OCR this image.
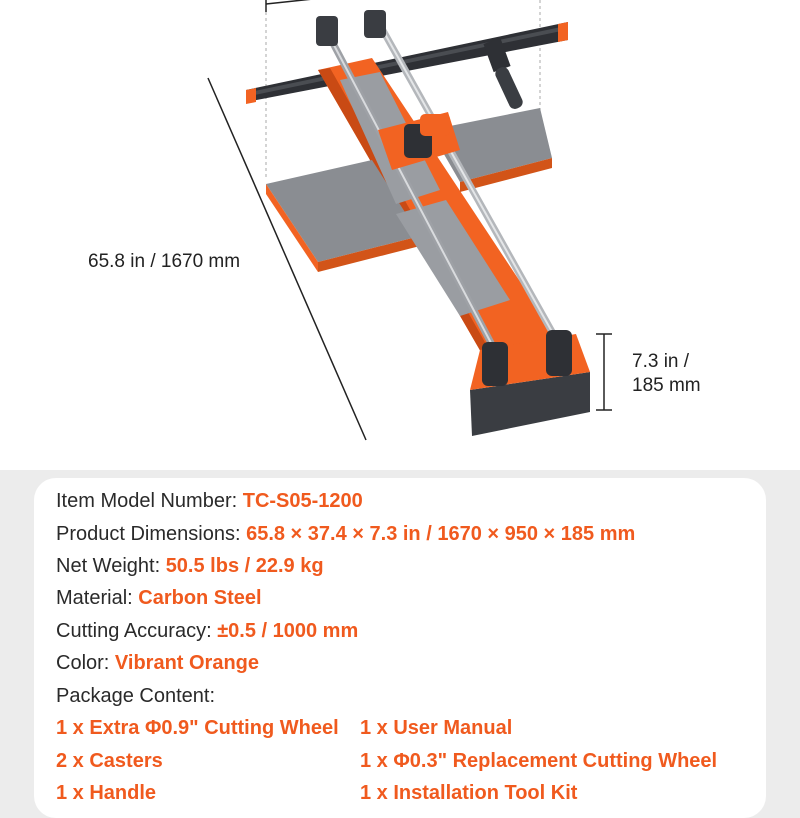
65.8 in / 1670 mm
7.3 in /
185 mm
Item Model Number: TC-S05-1200
Product Dimensions: 65.8 × 37.4 × 7.3 in / 1670 × 950 × 185 mm
Net Weight: 50.5 lbs / 22.9 kg
Material: Carbon Steel
Cutting Accuracy: ±0.5 / 1000 mm
Color: Vibrant Orange
Package Content:
1 x Extra Φ0.9" Cutting Wheel
2 x Casters
1 x Handle
1 x User Manual
1 x Φ0.3" Replacement Cutting Wheel
1 x Installation Tool Kit
